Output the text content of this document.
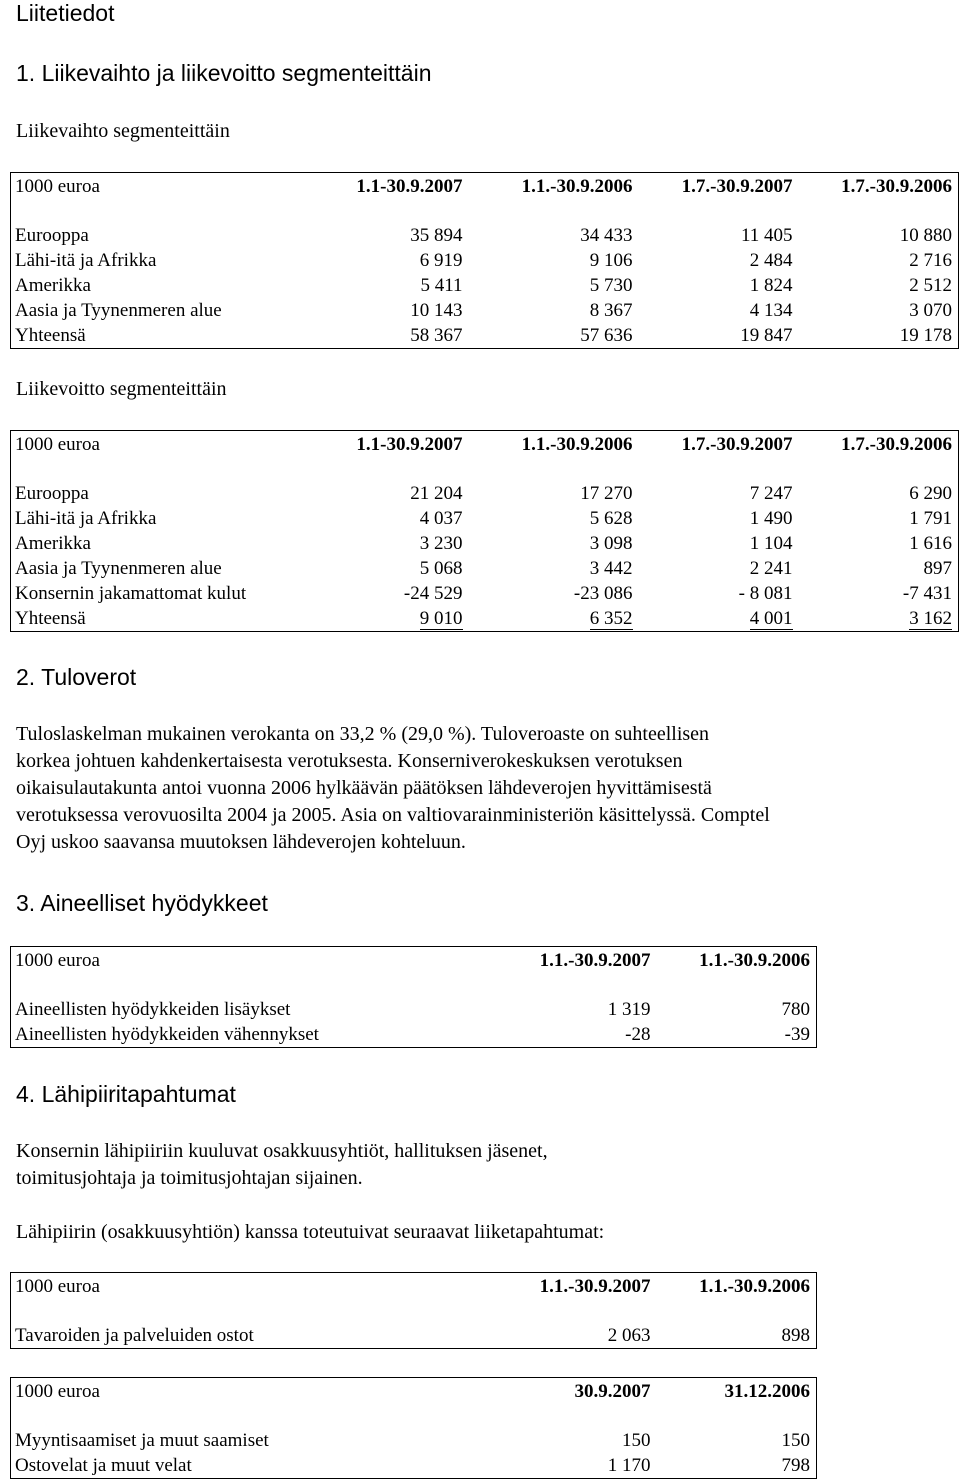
Liitetiedot
1. Liikevaihto ja liikevoitto segmenteittäin
Liikevaihto segmenteittäin
1000 euroa	1.1-30.9.2007	1.1.-30.9.2006	1.7.-30.9.2007	1.7.-30.9.2006

Eurooppa	35 894	34 433	11 405	10 880
Lähi-itä ja Afrikka	6 919	9 106	2 484	2 716
Amerikka	5 411	5 730	1 824	2 512
Aasia ja Tyynenmeren alue	10 143	8 367	4 134	3 070
Yhteensä	58 367	57 636	19 847	19 178
Liikevoitto segmenteittäin
1000 euroa	1.1-30.9.2007	1.1.-30.9.2006	1.7.-30.9.2007	1.7.-30.9.2006

Eurooppa	21 204	17 270	7 247	6 290
Lähi-itä ja Afrikka	4 037	5 628	1 490	1 791
Amerikka	3 230	3 098	1 104	1 616
Aasia ja Tyynenmeren alue	5 068	3 442	2 241	897
Konsernin jakamattomat kulut	-24 529	-23 086	- 8 081	-7 431
Yhteensä	9 010	6 352	4 001	3 162
2. Tuloverot
Tuloslaskelman mukainen verokanta on 33,2 % (29,0 %). Tuloveroaste on suhteellisen
korkea johtuen kahdenkertaisesta verotuksesta. Konserniverokeskuksen verotuksen
oikaisulautakunta antoi vuonna 2006 hylkäävän päätöksen lähdeverojen hyvittämisestä
verotuksessa verovuosilta 2004 ja 2005. Asia on valtiovarainministeriön käsittelyssä. Comptel
Oyj uskoo saavansa muutoksen lähdeverojen kohteluun.
3. Aineelliset hyödykkeet
1000 euroa	1.1.-30.9.2007	1.1.-30.9.2006

Aineellisten hyödykkeiden lisäykset	1 319	780
Aineellisten hyödykkeiden vähennykset	-28	-39
4. Lähipiiritapahtumat
Konsernin lähipiiriin kuuluvat osakkuusyhtiöt, hallituksen jäsenet,
toimitusjohtaja ja toimitusjohtajan sijainen.
Lähipiirin (osakkuusyhtiön) kanssa toteutuivat seuraavat liiketapahtumat:
1000 euroa	1.1.-30.9.2007	1.1.-30.9.2006

Tavaroiden ja palveluiden ostot	2 063	898
1000 euroa	30.9.2007	31.12.2006

Myyntisaamiset ja muut saamiset	150	150
Ostovelat ja muut velat	1 170	798
